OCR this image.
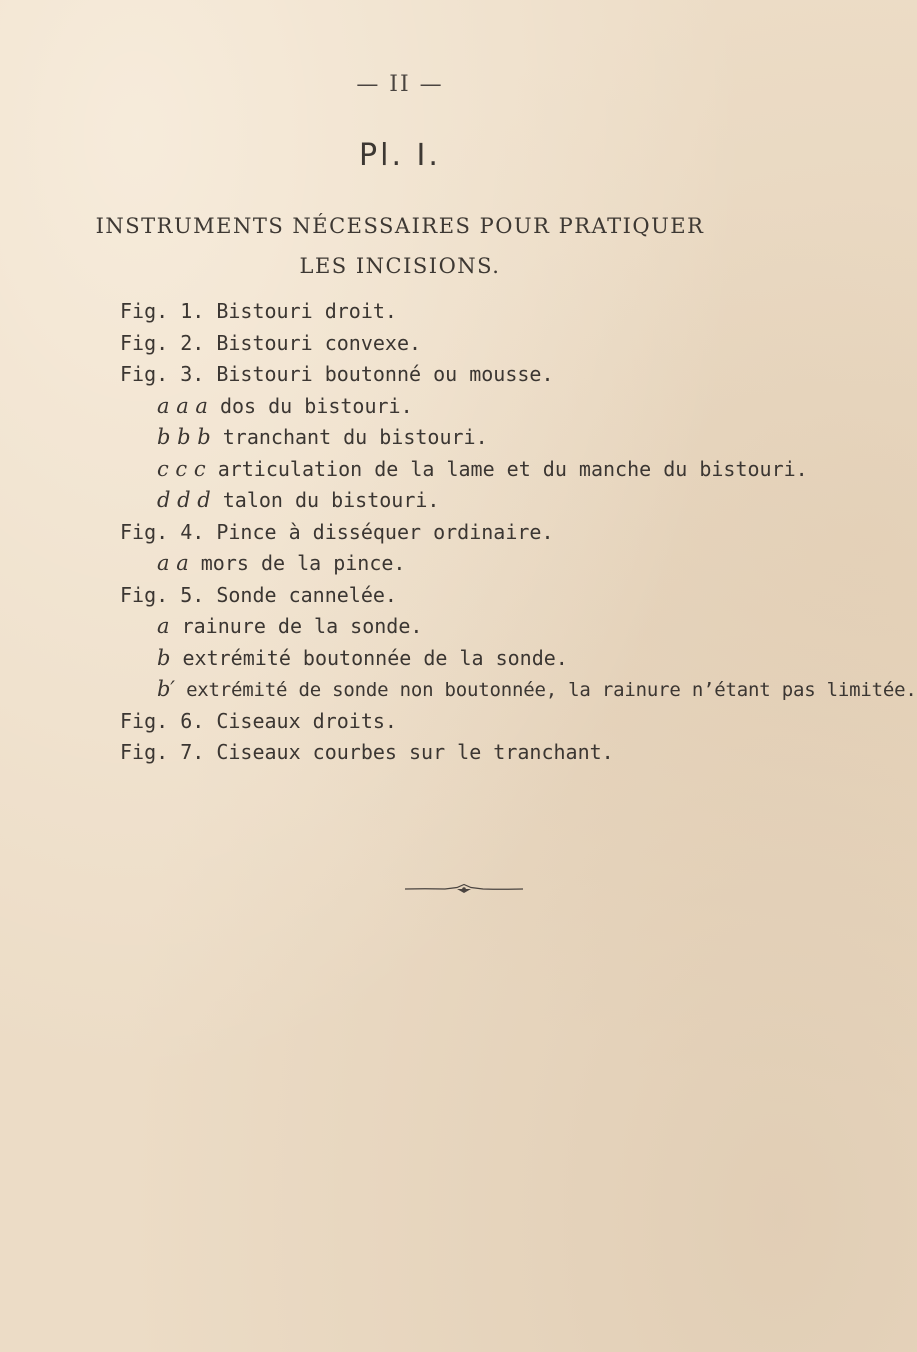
— II —
Pl. I.
INSTRUMENTS NÉCESSAIRES POUR PRATIQUER
LES INCISIONS.
Fig. 1. Bistouri droit.
Fig. 2. Bistouri convexe.
Fig. 3. Bistouri boutonné ou mousse.
a a a dos du bistouri.
b b b tranchant du bistouri.
c c c articulation de la lame et du manche du bistouri.
d d d talon du bistouri.
Fig. 4. Pince à disséquer ordinaire.
a a mors de la pince.
Fig. 5. Sonde cannelée.
a rainure de la sonde.
b extrémité boutonnée de la sonde.
b′ extrémité de sonde non boutonnée, la rainure n’étant pas limitée.
Fig. 6. Ciseaux droits.
Fig. 7. Ciseaux courbes sur le tranchant.
